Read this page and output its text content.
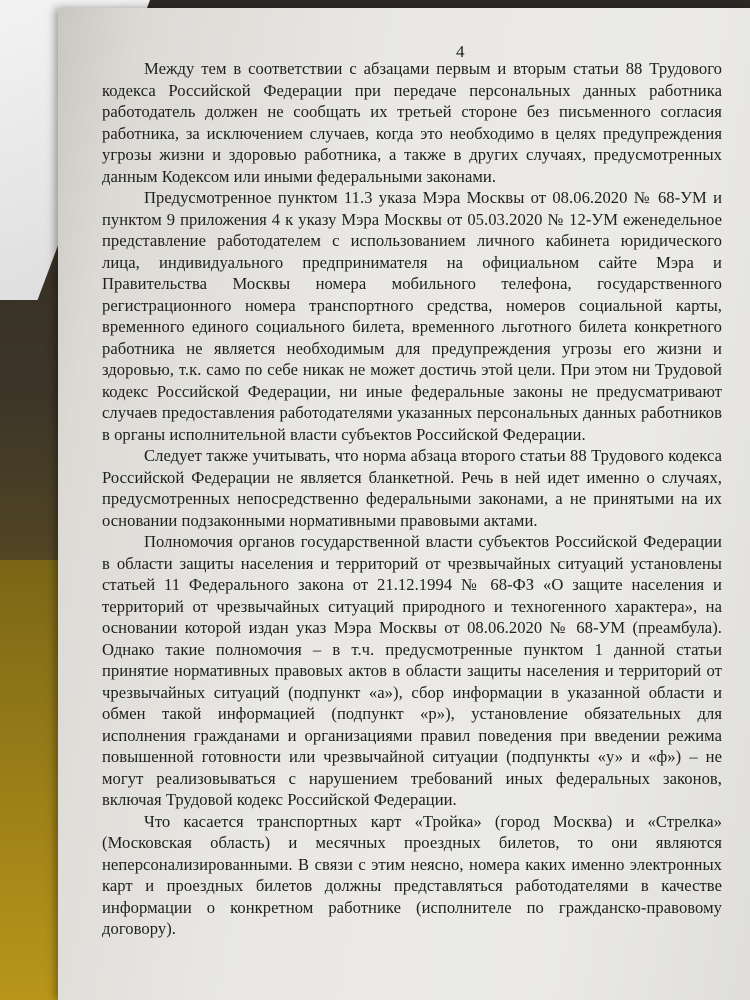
4

Между тем в соответствии с абзацами первым и вторым статьи 88 Трудового кодекса Российской Федерации при передаче персональных данных работника работодатель должен не сообщать их третьей стороне без письменного согласия работника, за исключением случаев, когда это необходимо в целях предупреждения угрозы жизни и здоровью работника, а также в других случаях, предусмотренных данным Кодексом или иными федеральными законами.

Предусмотренное пунктом 11.3 указа Мэра Москвы от 08.06.2020 № 68-УМ и пунктом 9 приложения 4 к указу Мэра Москвы от 05.03.2020 № 12-УМ еженедельное представление работодателем с использованием личного кабинета юридического лица, индивидуального предпринимателя на официальном сайте Мэра и Правительства Москвы номера мобильного телефона, государственного регистрационного номера транспортного средства, номеров социальной карты, временного единого социального билета, временного льготного билета конкретного работника не является необходимым для предупреждения угрозы его жизни и здоровью, т.к. само по себе никак не может достичь этой цели. При этом ни Трудовой кодекс Российской Федерации, ни иные федеральные законы не предусматривают случаев предоставления работодателями указанных персональных данных работников в органы исполнительной власти субъектов Российской Федерации.

Следует также учитывать, что норма абзаца второго статьи 88 Трудового кодекса Российской Федерации не является бланкетной. Речь в ней идет именно о случаях, предусмотренных непосредственно федеральными законами, а не принятыми на их основании подзаконными нормативными правовыми актами.

Полномочия органов государственной власти субъектов Российской Федерации в области защиты населения и территорий от чрезвычайных ситуаций установлены статьей 11 Федерального закона от 21.12.1994 № 68-ФЗ «О защите населения и территорий от чрезвычайных ситуаций природного и техногенного характера», на основании которой издан указ Мэра Москвы от 08.06.2020 № 68-УМ (преамбула). Однако такие полномочия – в т.ч. предусмотренные пунктом 1 данной статьи принятие нормативных правовых актов в области защиты населения и территорий от чрезвычайных ситуаций (подпункт «а»), сбор информации в указанной области и обмен такой информацией (подпункт «р»), установление обязательных для исполнения гражданами и организациями правил поведения при введении режима повышенной готовности или чрезвычайной ситуации (подпункты «у» и «ф») – не могут реализовываться с нарушением требований иных федеральных законов, включая Трудовой кодекс Российской Федерации.

Что касается транспортных карт «Тройка» (город Москва) и «Стрелка» (Московская область) и месячных проездных билетов, то они являются неперсонализированными. В связи с этим неясно, номера каких именно электронных карт и проездных билетов должны представляться работодателями в качестве информации о конкретном работнике (исполнителе по гражданско-правовому договору).
